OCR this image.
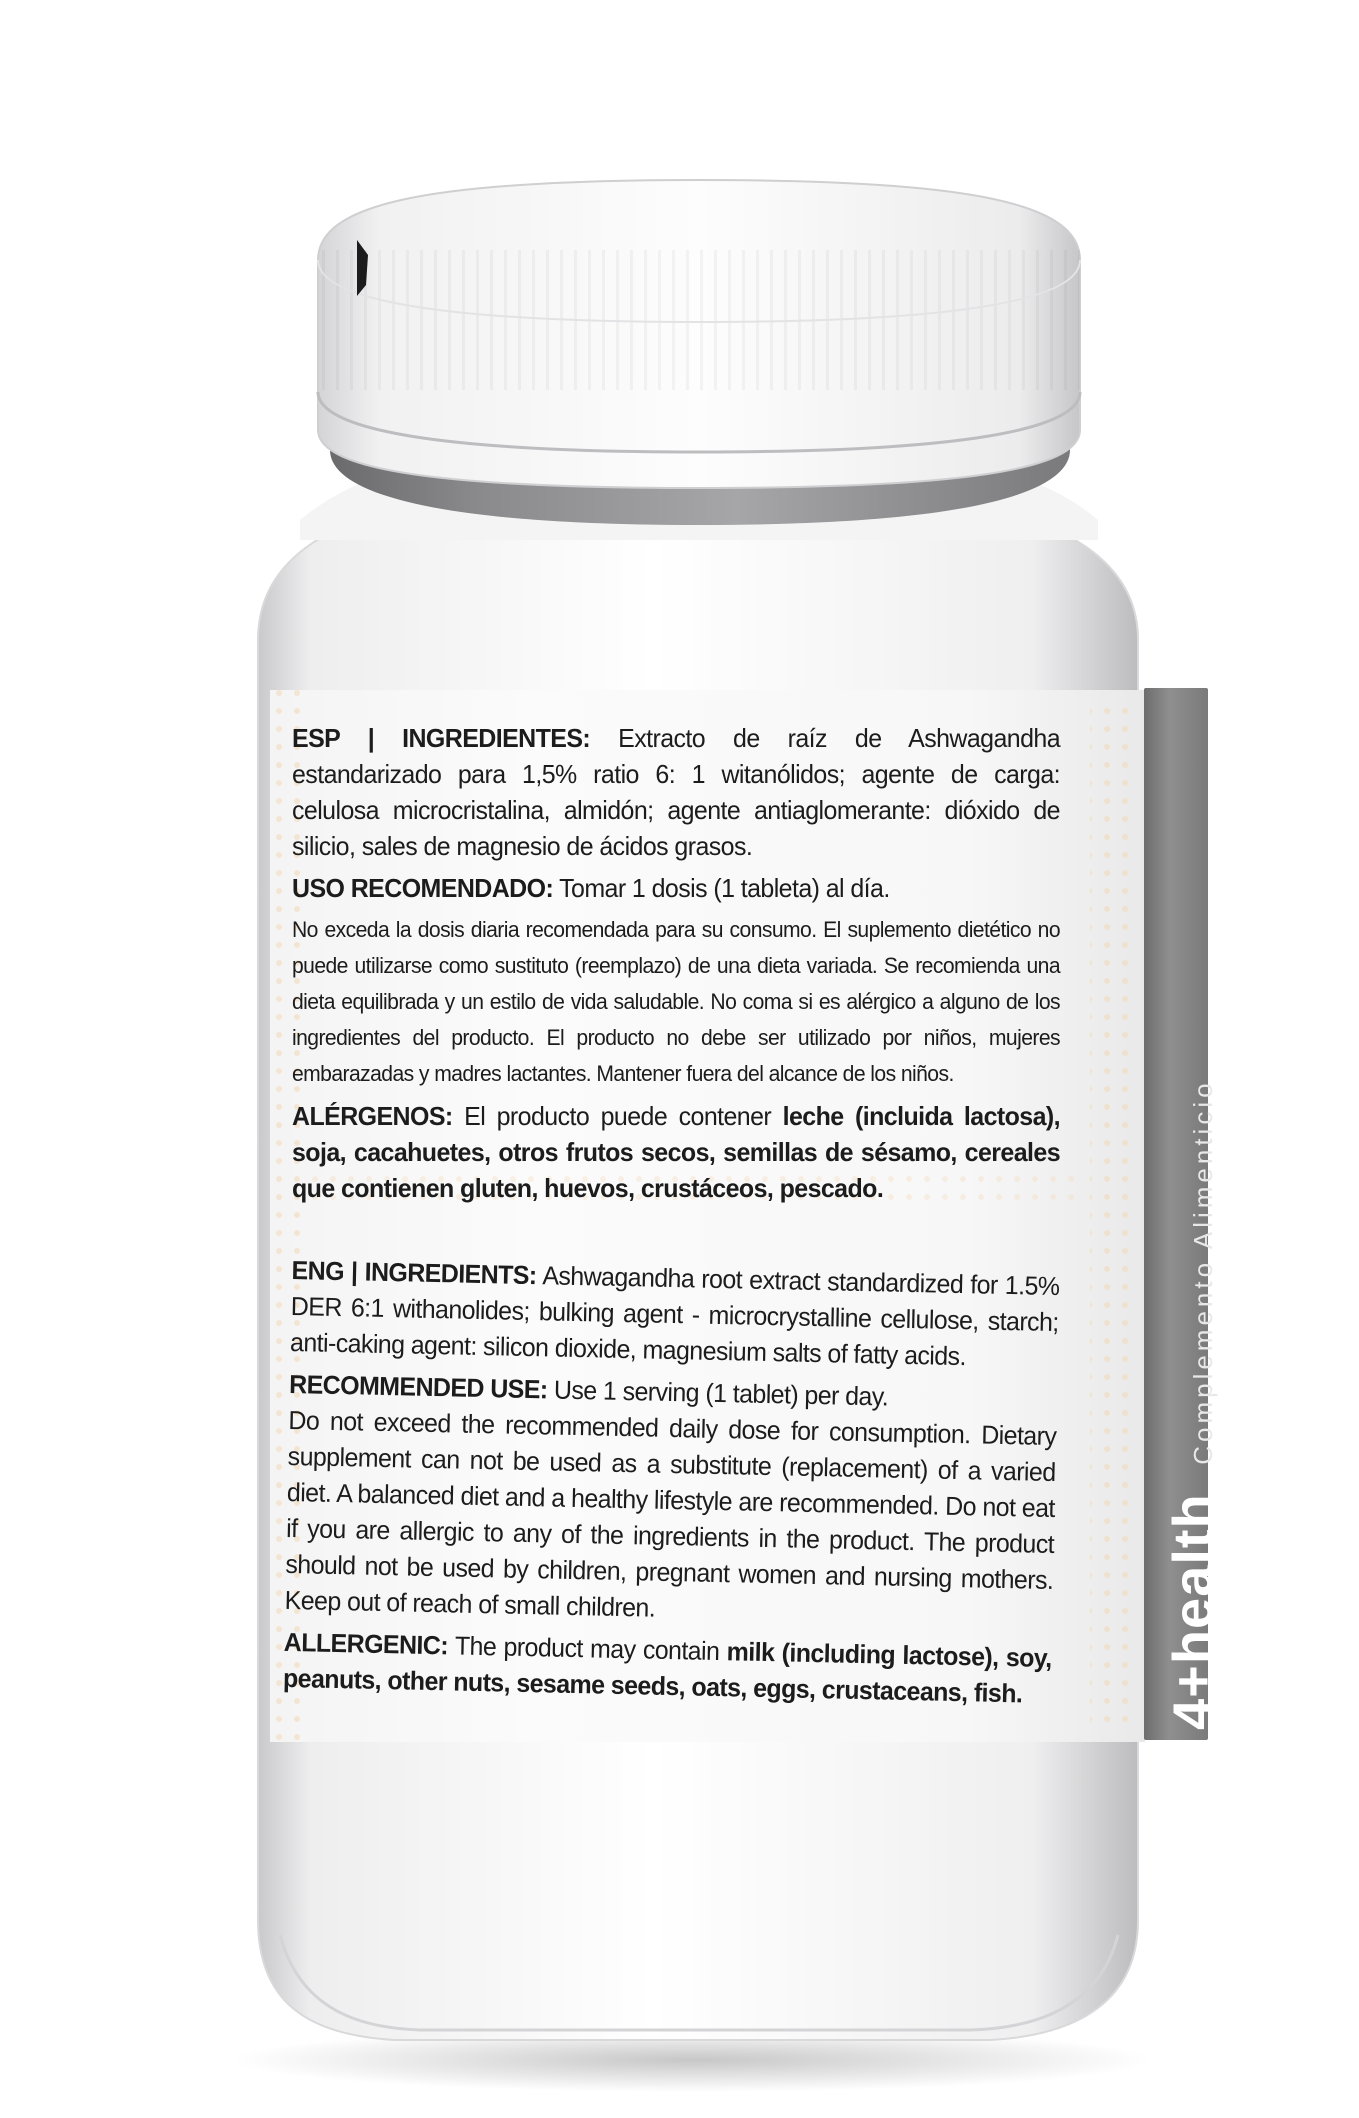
4+health Complemento Alimenticio

ESP | INGREDIENTES: Extracto de raíz de Ashwagandha estandarizado para 1,5% ratio 6: 1 witanólidos; agente de carga: celulosa microcristalina, almidón; agente antiaglomerante: dióxido de silicio, sales de magnesio de ácidos grasos.

USO RECOMENDADO: Tomar 1 dosis (1 tableta) al día.

No exceda la dosis diaria recomendada para su consumo. El suplemento dietético no puede utilizarse como sustituto (reemplazo) de una dieta variada. Se recomienda una dieta equilibrada y un estilo de vida saludable. No coma si es alérgico a alguno de los ingredientes del producto. El producto no debe ser utilizado por niños, mujeres embarazadas y madres lactantes. Mantener fuera del alcance de los niños.

ALÉRGENOS: El producto puede contener leche (incluida lactosa), soja, cacahuetes, otros frutos secos, semillas de sésamo, cereales que contienen gluten, huevos, crustáceos, pescado.

ENG | INGREDIENTS: Ashwagandha root extract standardized for 1.5% DER 6:1 withanolides; bulking agent - microcrystalline cellulose, starch; anti-caking agent: silicon dioxide, magnesium salts of fatty acids.

RECOMMENDED USE: Use 1 serving (1 tablet) per day.

Do not exceed the recommended daily dose for consumption. Dietary supplement can not be used as a substitute (replacement) of a varied diet. A balanced diet and a healthy lifestyle are recommended. Do not eat if you are allergic to any of the ingredients in the product. The product should not be used by children, pregnant women and nursing mothers. Keep out of reach of small children.

ALLERGENIC: The product may contain milk (including lactose), soy, peanuts, other nuts, sesame seeds, oats, eggs, crustaceans, fish.
